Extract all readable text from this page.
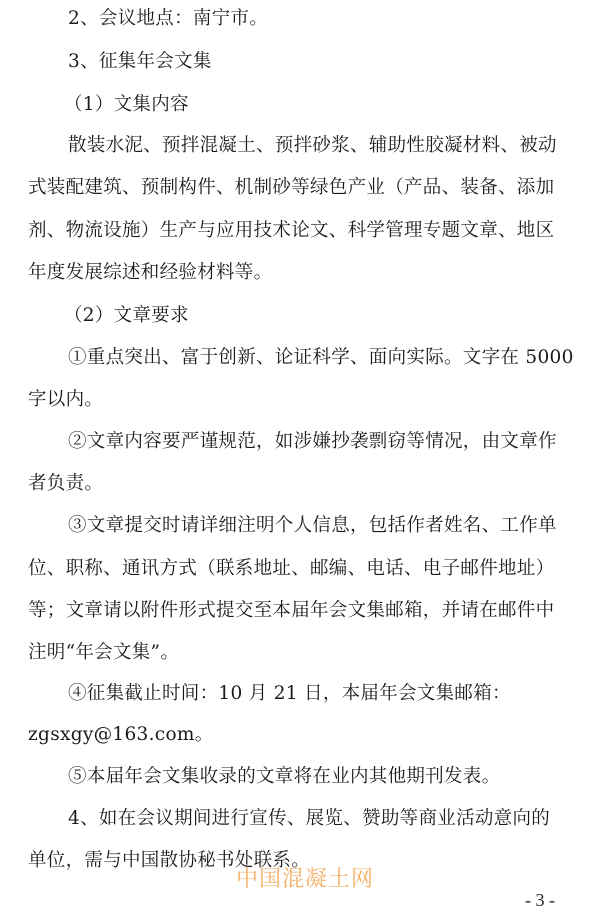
2、会议地点：南宁市。
3、征集年会文集
（1）文集内容
散装水泥、预拌混凝土、预拌砂浆、辅助性胶凝材料、被动
式装配建筑、预制构件、机制砂等绿色产业（产品、装备、添加
剂、物流设施）生产与应用技术论文、科学管理专题文章、地区
年度发展综述和经验材料等。
（2）文章要求
①重点突出、富于创新、论证科学、面向实际。文字在 5000
字以内。
②文章内容要严谨规范，如涉嫌抄袭剽窃等情况，由文章作
者负责。
③文章提交时请详细注明个人信息，包括作者姓名、工作单
位、职称、通讯方式（联系地址、邮编、电话、电子邮件地址）
等；文章请以附件形式提交至本届年会文集邮箱，并请在邮件中
注明“年会文集”。
④征集截止时间：10 月 21 日，本届年会文集邮箱：
zgsxgy@163.com。
⑤本届年会文集收录的文章将在业内其他期刊发表。
4、如在会议期间进行宣传、展览、赞助等商业活动意向的
单位，需与中国散协秘书处联系。
中国混凝土网
- 3 -
